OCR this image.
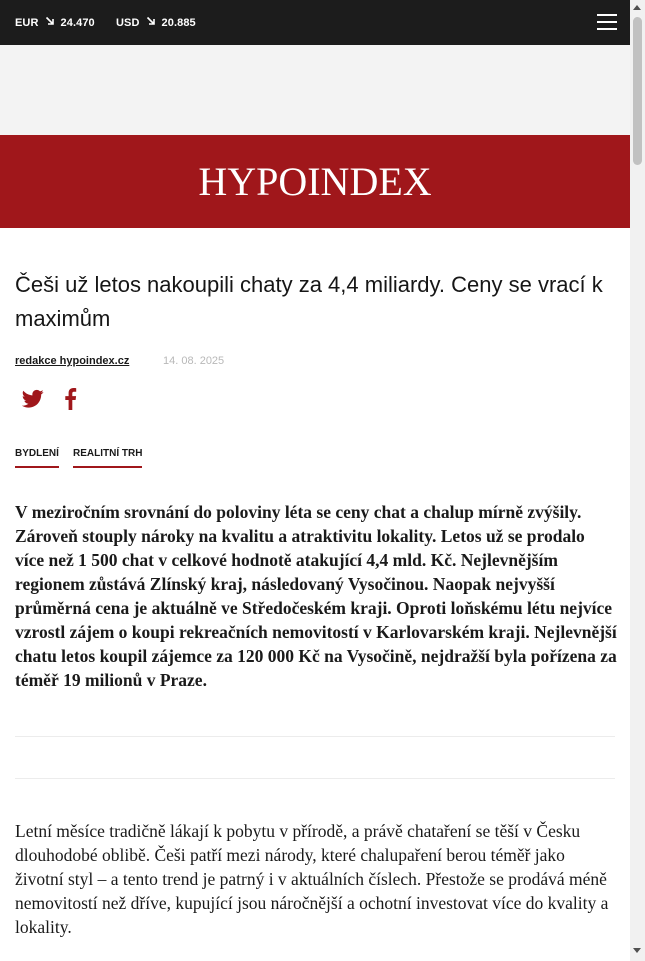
EUR 24.470 USD 20.885
HYPOINDEX
Češi už letos nakoupili chaty za 4,4 miliardy. Ceny se vrací k maximům
redakce hypoindex.cz	14. 08. 2025
BYDLENÍ REALITNÍ TRH

V meziročním srovnání do poloviny léta se ceny chat a chalup mírně zvýšily. Zároveň stouply nároky na kvalitu a atraktivitu lokality. Letos už se prodalo více než 1 500 chat v celkové hodnotě atakující 4,4 mld. Kč. Nejlevnějším regionem zůstává Zlínský kraj, následovaný Vysočinou. Naopak nejvyšší průměrná cena je aktuálně ve Středočeském kraji. Oproti loňskému létu nejvíce vzrostl zájem o koupi rekreačních nemovitostí v Karlovarském kraji. Nejlevnější chatu letos koupil zájemce za 120 000 Kč na Vysočině, nejdražší byla pořízena za téměř 19 milionů v Praze.

Letní měsíce tradičně lákají k pobytu v přírodě, a právě chataření se těší v Česku dlouhodobé oblibě. Češi patří mezi národy, které chalupaření berou téměř jako životní styl – a tento trend je patrný i v aktuálních číslech. Přestože se prodává méně nemovitostí než dříve, kupující jsou náročnější a ochotní investovat více do kvality a lokality.
